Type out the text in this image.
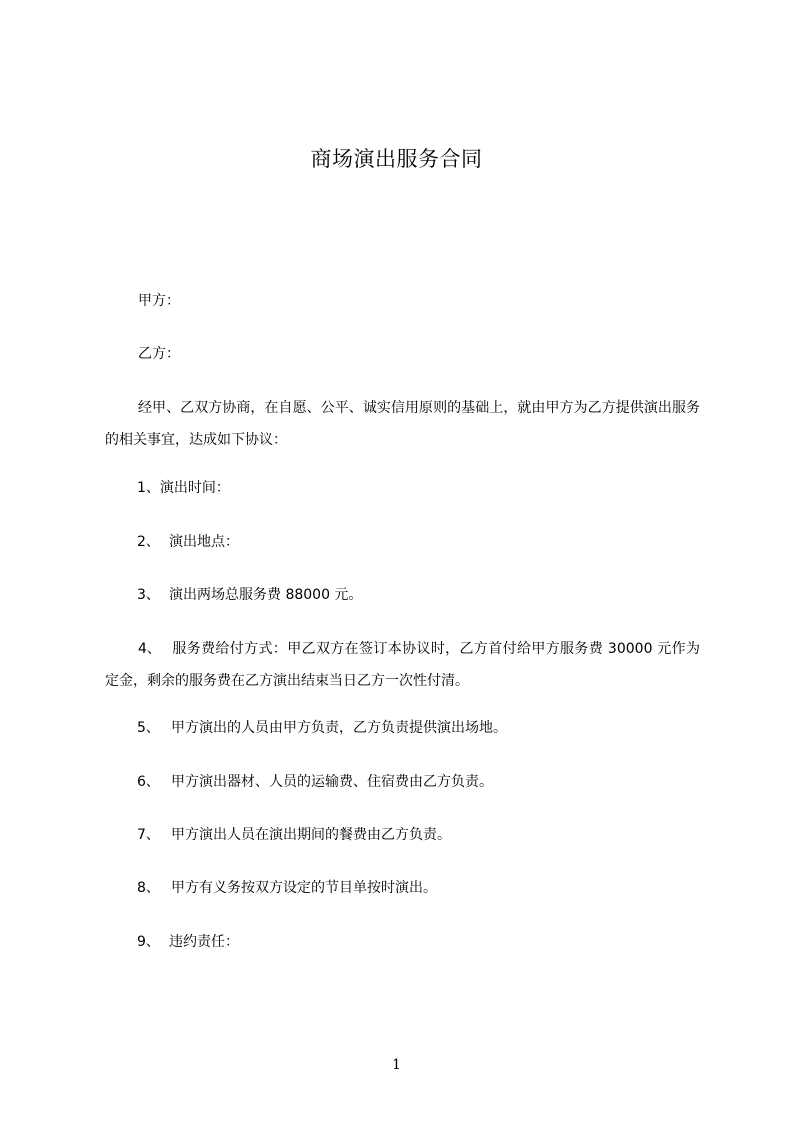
商场演出服务合同
甲方：
乙方：
经甲、乙双方协商，在自愿、公平、诚实信用原则的基础上，就由甲方为乙方提供演出服务的相关事宜，达成如下协议：
1、演出时间：
2、 演出地点：
3、 演出两场总服务费 88000 元。
4、 服务费给付方式：甲乙双方在签订本协议时，乙方首付给甲方服务费 30000 元作为定金，剩余的服务费在乙方演出结束当日乙方一次性付清。
5、 甲方演出的人员由甲方负责，乙方负责提供演出场地。
6、 甲方演出器材、人员的运输费、住宿费由乙方负责。
7、 甲方演出人员在演出期间的餐费由乙方负责。
8、 甲方有义务按双方设定的节目单按时演出。
9、 违约责任：
1
